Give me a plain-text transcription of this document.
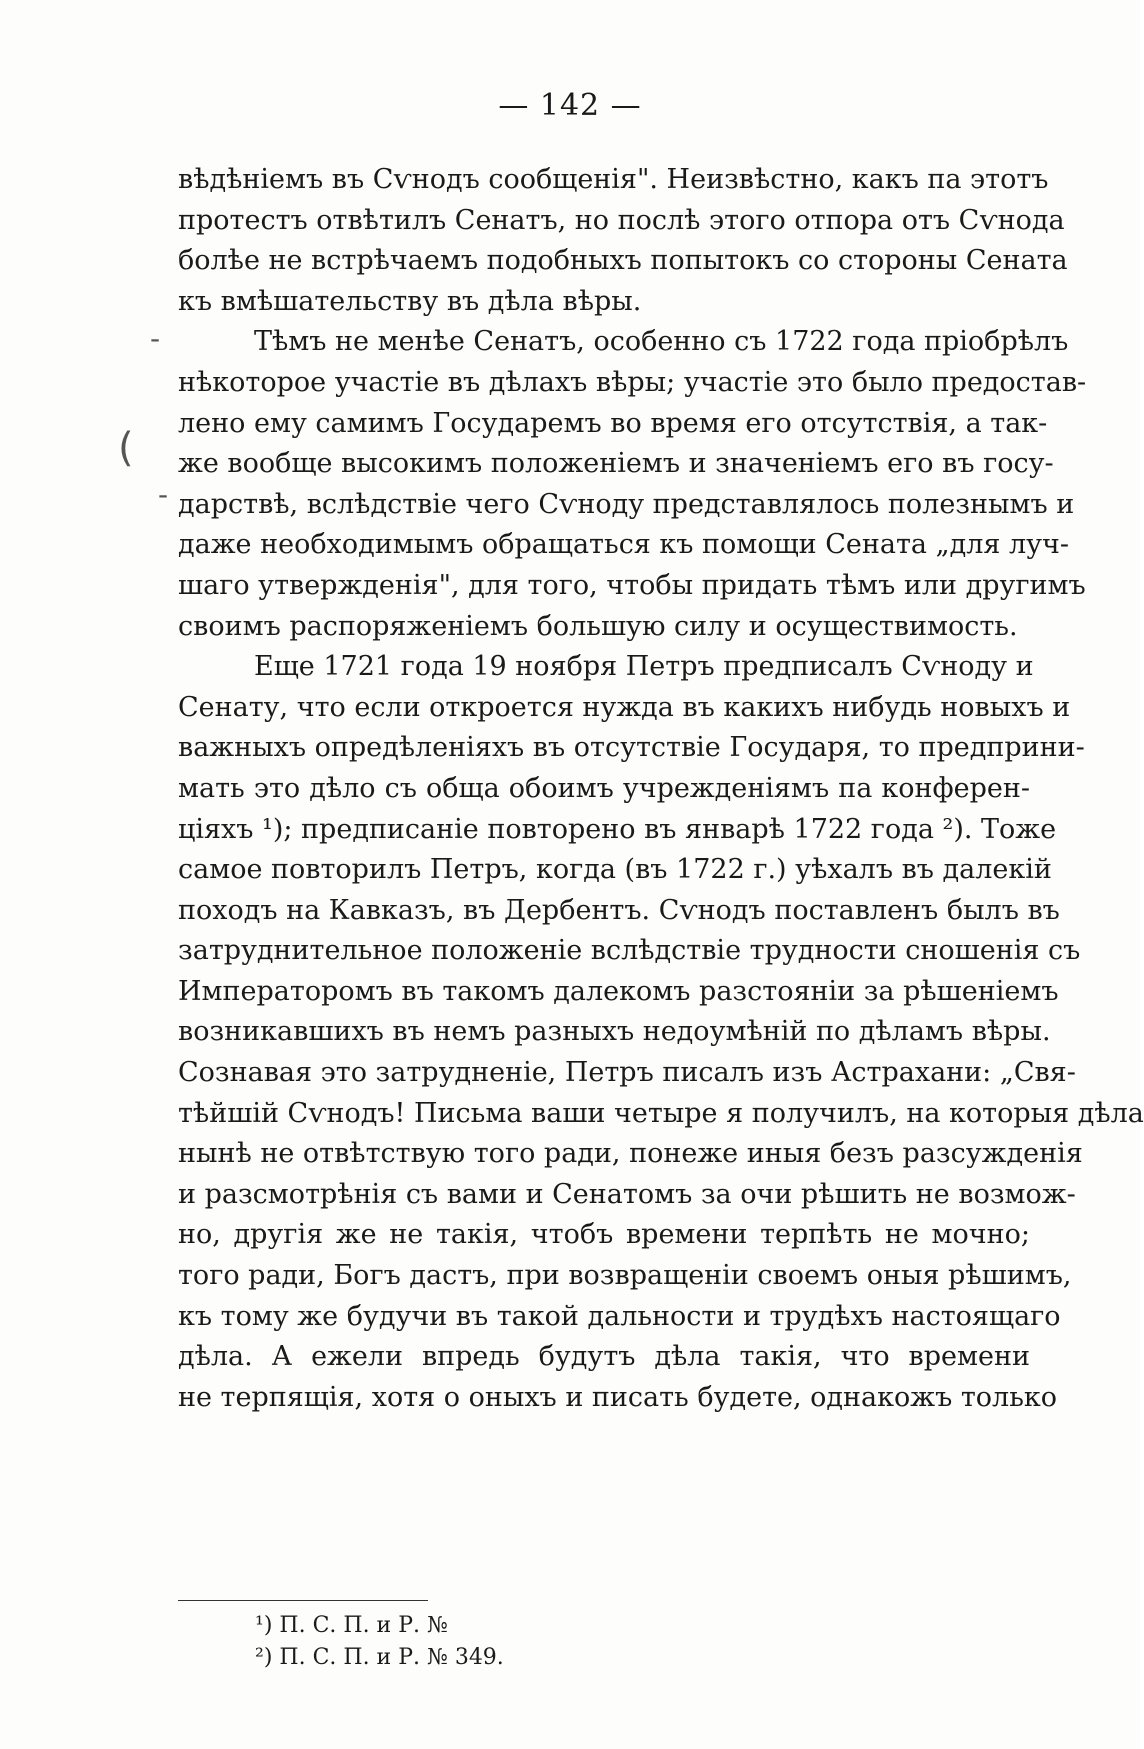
— 142 —
вѣдѣніемъ въ Сѵнодъ сообщенія". Неизвѣстно, какъ па этотъ
протестъ отвѣтилъ Сенатъ, но послѣ этого отпора отъ Сѵнода
болѣе не встрѣчаемъ подобныхъ попытокъ со стороны Сената
къ вмѣшательству въ дѣла вѣры.
Тѣмъ не менѣе Сенатъ, особенно съ 1722 года пріобрѣлъ
нѣкоторое участіе въ дѣлахъ вѣры; участіе это было предостав-
лено ему самимъ Государемъ во время его отсутствія, а так-
же вообще высокимъ положеніемъ и значеніемъ его въ госу-
дарствѣ, вслѣдствіе чего Сѵноду представлялось полезнымъ и
даже необходимымъ обращаться къ помощи Сената „для луч-
шаго утвержденія", для того, чтобы придать тѣмъ или другимъ
своимъ распоряженіемъ большую силу и осуществимость.
Еще 1721 года 19 ноября Петръ предписалъ Сѵноду и
Сенату, что если откроется нужда въ какихъ нибудь новыхъ и
важныхъ опредѣленіяхъ въ отсутствіе Государя, то предприни-
мать это дѣло съ обща обоимъ учрежденіямъ па конферен-
ціяхъ ¹); предписаніе повторено въ январѣ 1722 года ²). Тоже
самое повторилъ Петръ, когда (въ 1722 г.) уѣхалъ въ далекій
походъ на Кавказъ, въ Дербентъ. Сѵнодъ поставленъ былъ въ
затруднительное положеніе вслѣдствіе трудности сношенія съ
Императоромъ въ такомъ далекомъ разстояніи за рѣшеніемъ
возникавшихъ въ немъ разныхъ недоумѣній по дѣламъ вѣры.
Сознавая это затрудненіе, Петръ писалъ изъ Астрахани: „Свя-
тѣйшій Сѵнодъ! Письма ваши четыре я получилъ, на которыя дѣла
нынѣ не отвѣтствую того ради, понеже иныя безъ разсужденія
и разсмотрѣнія съ вами и Сенатомъ за очи рѣшить не возмож-
но, другія же не такія, чтобъ времени терпѣть не мочно;
того ради, Богъ дастъ, при возвращеніи своемъ оныя рѣшимъ,
къ тому же будучи въ такой дальности и трудѣхъ настоящаго
дѣла. А ежели впредь будутъ дѣла такія, что времени
не терпящія, хотя о оныхъ и писать будете, однакожъ только
-
(
-
¹) П. С. П. и Р. №
²) П. С. П. и Р. № 349.
